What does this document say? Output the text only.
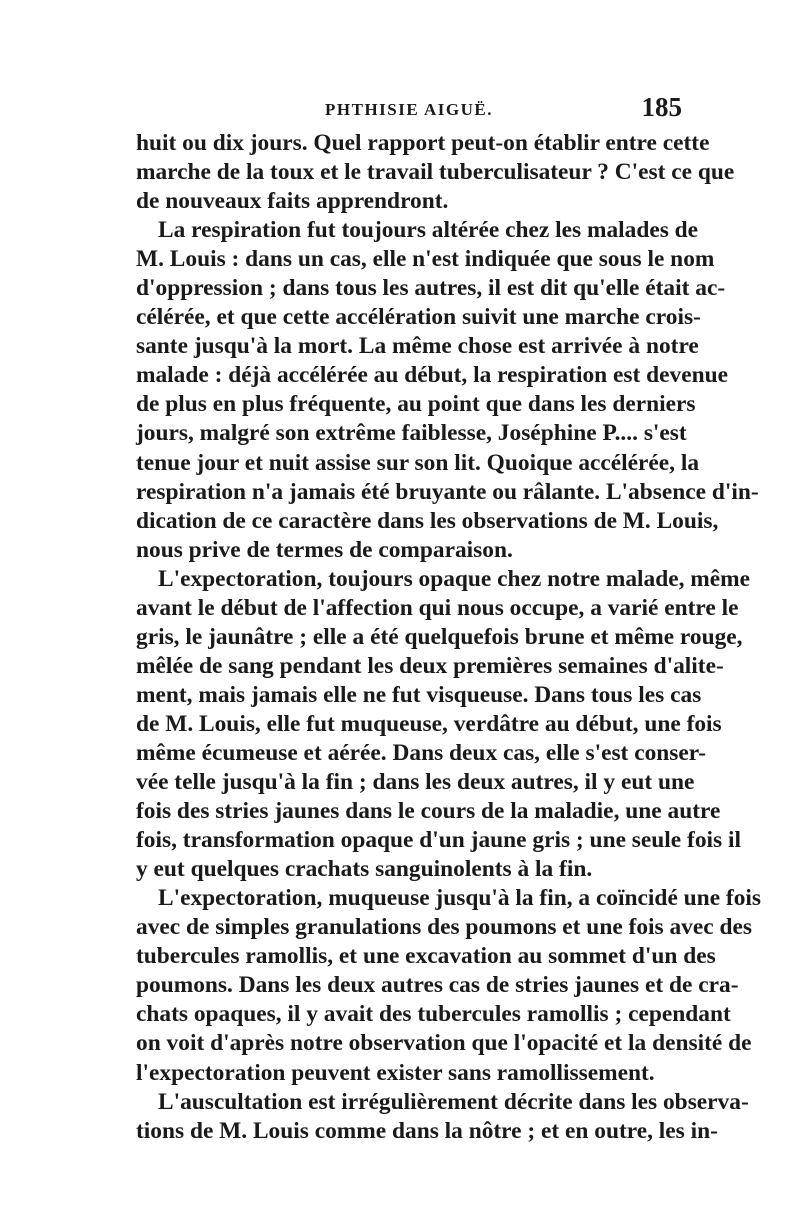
PHTHISIE AIGUË.	185
huit ou dix jours. Quel rapport peut-on établir entre cette
marche de la toux et le travail tuberculisateur ? C'est ce que
de nouveaux faits apprendront.
La respiration fut toujours altérée chez les malades de
M. Louis : dans un cas, elle n'est indiquée que sous le nom
d'oppression ; dans tous les autres, il est dit qu'elle était ac-
célérée, et que cette accélération suivit une marche crois-
sante jusqu'à la mort. La même chose est arrivée à notre
malade : déjà accélérée au début, la respiration est devenue
de plus en plus fréquente, au point que dans les derniers
jours, malgré son extrême faiblesse, Joséphine P.... s'est
tenue jour et nuit assise sur son lit. Quoique accélérée, la
respiration n'a jamais été bruyante ou râlante. L'absence d'in-
dication de ce caractère dans les observations de M. Louis,
nous prive de termes de comparaison.
L'expectoration, toujours opaque chez notre malade, même
avant le début de l'affection qui nous occupe, a varié entre le
gris, le jaunâtre ; elle a été quelquefois brune et même rouge,
mêlée de sang pendant les deux premières semaines d'alite-
ment, mais jamais elle ne fut visqueuse. Dans tous les cas
de M. Louis, elle fut muqueuse, verdâtre au début, une fois
même écumeuse et aérée. Dans deux cas, elle s'est conser-
vée telle jusqu'à la fin ; dans les deux autres, il y eut une
fois des stries jaunes dans le cours de la maladie, une autre
fois, transformation opaque d'un jaune gris ; une seule fois il
y eut quelques crachats sanguinolents à la fin.
L'expectoration, muqueuse jusqu'à la fin, a coïncidé une fois
avec de simples granulations des poumons et une fois avec des
tubercules ramollis, et une excavation au sommet d'un des
poumons. Dans les deux autres cas de stries jaunes et de cra-
chats opaques, il y avait des tubercules ramollis ; cependant
on voit d'après notre observation que l'opacité et la densité de
l'expectoration peuvent exister sans ramollissement.
L'auscultation est irrégulièrement décrite dans les observa-
tions de M. Louis comme dans la nôtre ; et en outre, les in-
